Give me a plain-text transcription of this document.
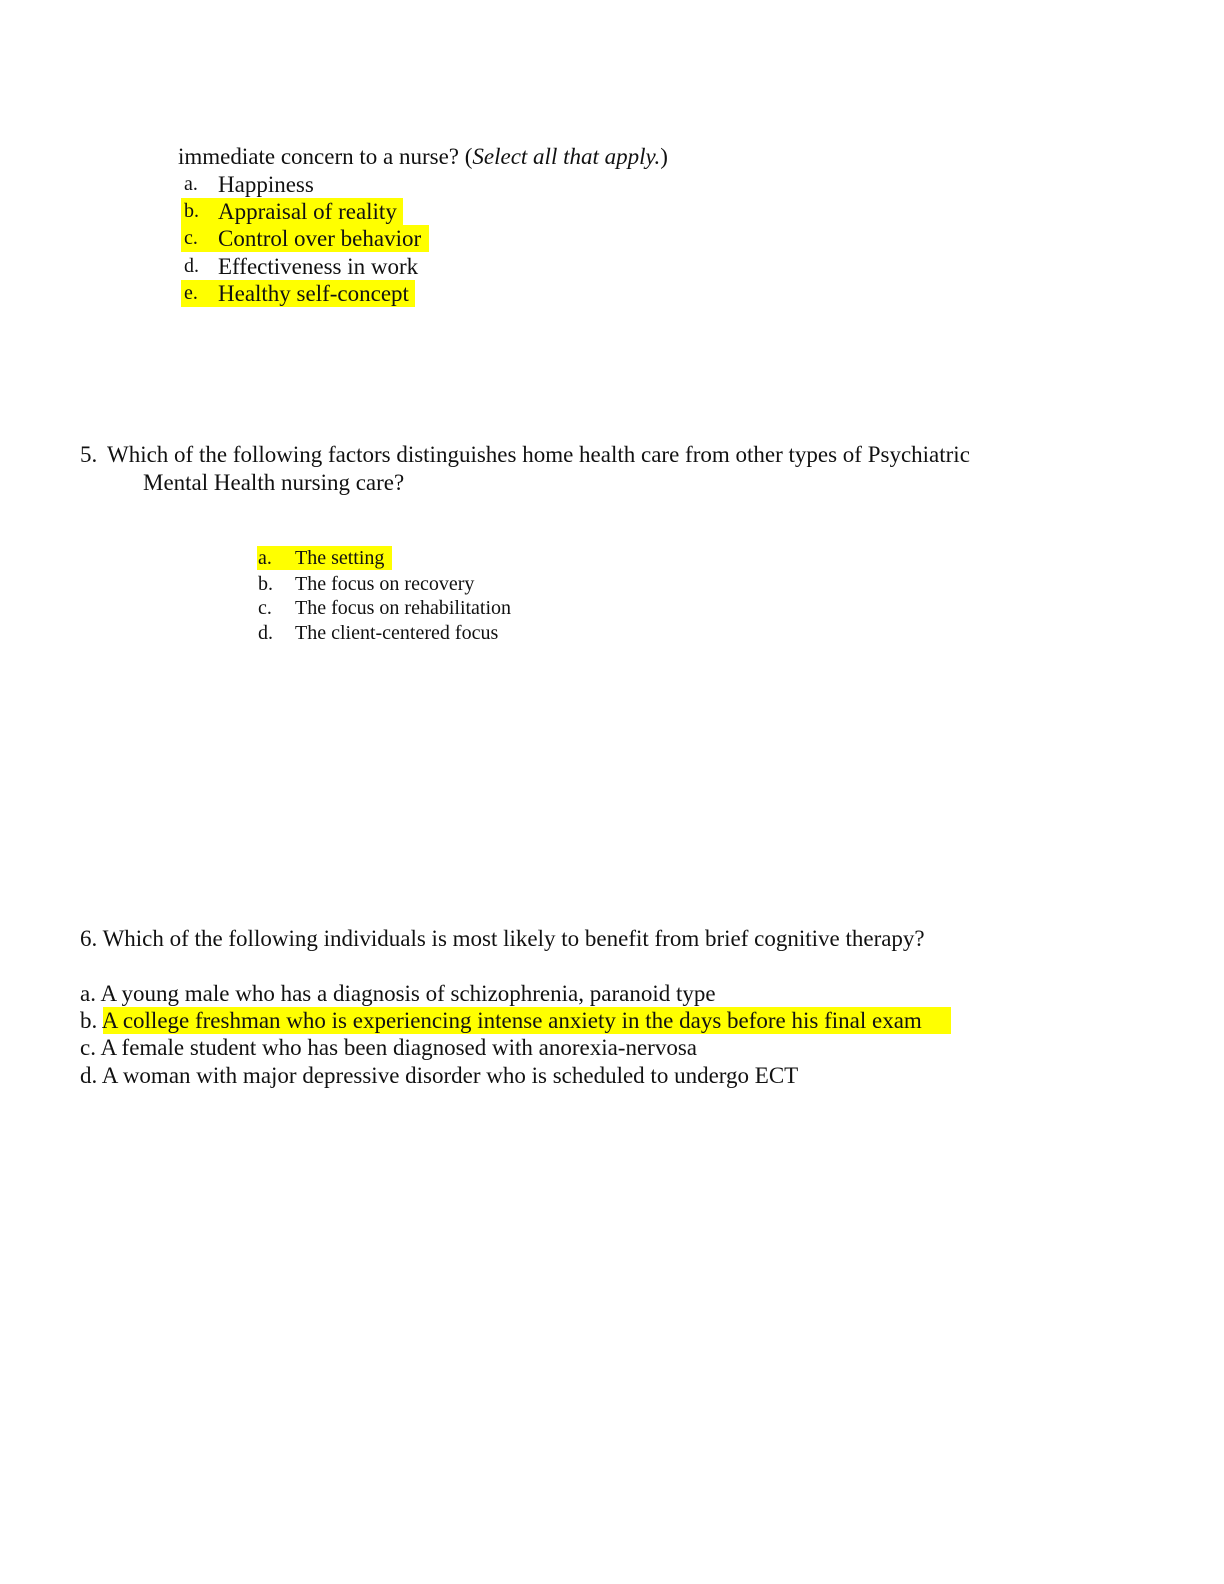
immediate concern to a nurse? (Select all that apply.)
a. Happiness
b. Appraisal of reality
c. Control over behavior
d. Effectiveness in work
e. Healthy self-concept
5. Which of the following factors distinguishes home health care from other types of Psychiatric
Mental Health nursing care?
a. The setting
b. The focus on recovery
c. The focus on rehabilitation
d. The client-centered focus
6. Which of the following individuals is most likely to benefit from brief cognitive therapy?
a. A young male who has a diagnosis of schizophrenia, paranoid type
b. A college freshman who is experiencing intense anxiety in the days before his final exam
c. A female student who has been diagnosed with anorexia-nervosa
d. A woman with major depressive disorder who is scheduled to undergo ECT
